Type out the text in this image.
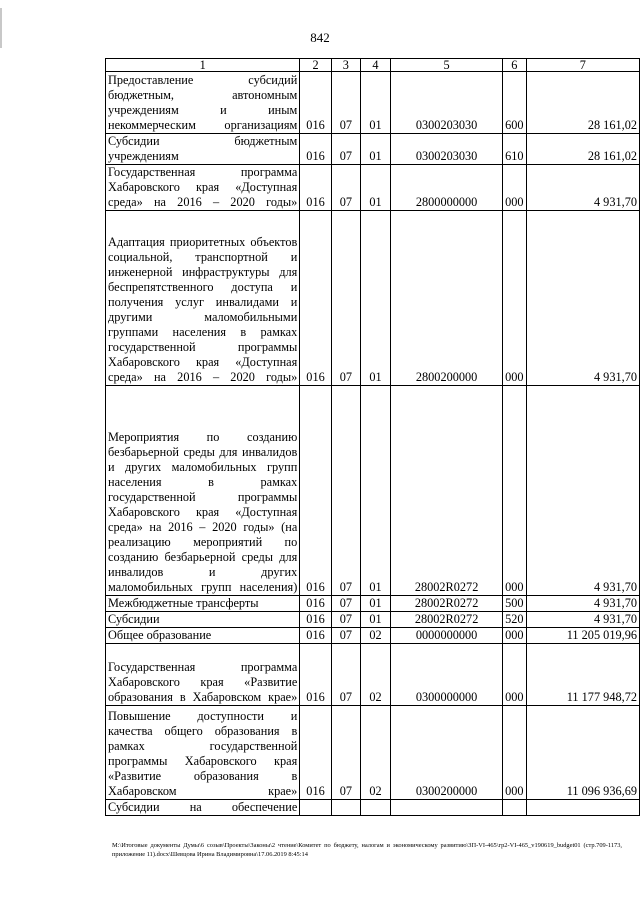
842
1	2	3	4	5	6	7
Предоставление субсидий бюджетным, автономным учреждениям и иным некоммерческим организациям	016	07	01	0300203030	600	28 161,02
Субсидии бюджетным учреждениям	016	07	01	0300203030	610	28 161,02
Государственная программа Хабаровского края «Доступная среда» на 2016 – 2020 годы»	016	07	01	2800000000	000	4 931,70
Адаптация приоритетных объектов социальной, транспортной и инженерной инфраструктуры для беспрепятственного доступа и получения услуг инвалидами и другими маломобильными группами населения в рамках государственной программы Хабаровского края «Доступная среда» на 2016 – 2020 годы»	016	07	01	2800200000	000	4 931,70
Мероприятия по созданию безбарьерной среды для инвалидов и других маломобильных групп населения в рамках государственной программы Хабаровского края «Доступная среда» на 2016 – 2020 годы» (на реализацию мероприятий по созданию безбарьерной среды для инвалидов и других маломобильных групп населения)	016	07	01	28002R0272	000	4 931,70
Межбюджетные трансферты	016	07	01	28002R0272	500	4 931,70
Субсидии	016	07	01	28002R0272	520	4 931,70
Общее образование	016	07	02	0000000000	000	11 205 019,96
Государственная программа Хабаровского края «Развитие образования в Хабаровском крае»	016	07	02	0300000000	000	11 177 948,72
Повышение доступности и качества общего образования в рамках государственной программы Хабаровского края «Развитие образования в Хабаровском крае»	016	07	02	0300200000	000	11 096 936,69
Субсидии на обеспечение						
M:\Итоговые документы Думы\6 созыв\Проекты\Законы\2 чтение\Комитет по бюджету, налогам и экономическому развитию\ЗП-VI-465\гр2-VI-465_v190619_budget01 (стр.709-1173, приложение 11).docx\Шевцова Ирина Владимировна\17.06.2019 8:45:14
